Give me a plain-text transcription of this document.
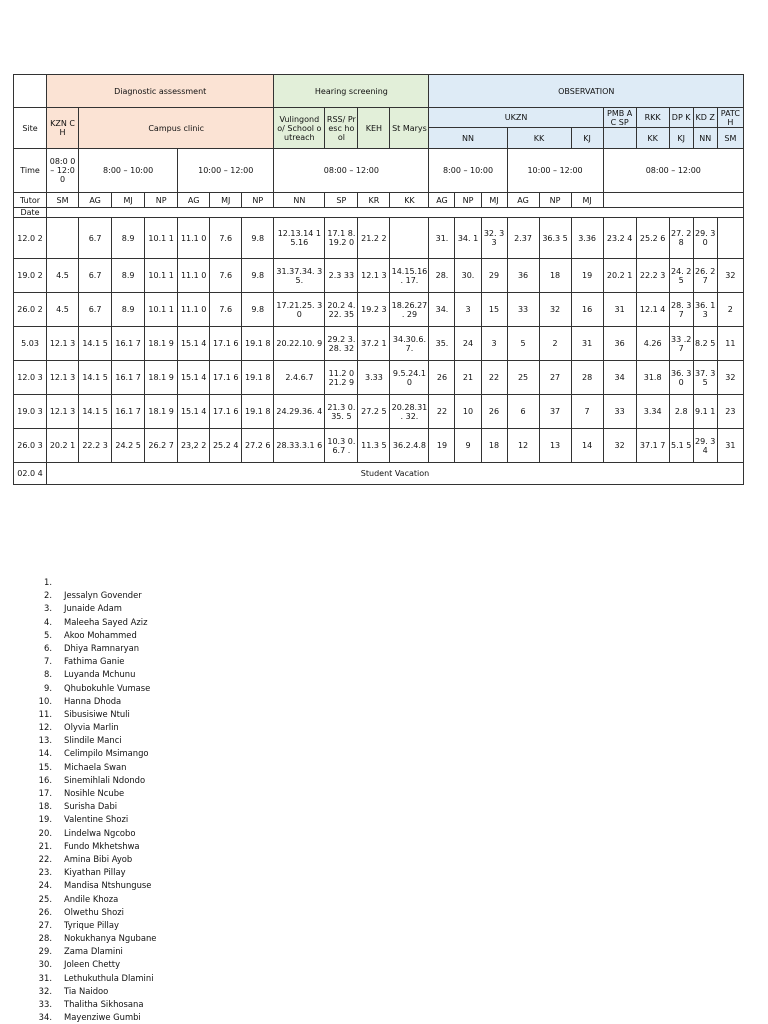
	Diagnostic assessment							Hearing screening				OBSERVATION										
Site	KZN CH	Campus clinic						Vulingond o/ School outreach	RSS/ Presc hool	KEH	St Marys	UKZN						PMB AC SP	RKK	DP K	KD Z	PATC H
												NN			KK		KJ		KK	KJ	NN	SM
Time	08:0 0 – 12:0 0	8:00 – 10:00			10:00 – 12:00			08:00 – 12:00				8:00 – 10:00			10:00 – 12:00			08:00 – 12:00				
Tutor	SM	AG	MJ	NP	AG	MJ	NP	NN	SP	KR	KK	AG	NP	MJ	AG	NP	MJ					
Date																						
12.0 2		6.7	8.9	10.1 1	11.1 0	7.6	9.8	12.13.14 15.16	17.1 8. 19.2 0	21.2 2		31.	34. 1	32. 33	2.37	36.3 5	3.36	23.2 4	25.2 6	27. 28	29. 30	
19.0 2	4.5	6.7	8.9	10.1 1	11.1 0	7.6	9.8	31.37.34. 35.	2.3 33	12.1 3	14.15.16 . 17.	28.	30.	29	36	18	19	20.2 1	22.2 3	24. 25	26. 27	32
26.0 2	4.5	6.7	8.9	10.1 1	11.1 0	7.6	9.8	17.21.25. 30	20.2 4.22. 35	19.2 3	18.26.27 . 29	34.	3	15	33	32	16	31	12.1 4	28. 37	36. 13	2
5.03	12.1 3	14.1 5	16.1 7	18.1 9	15.1 4	17.1 6	19.1 8	20.22.10. 9	29.2 3.28. 32	37.2 1	34.30.6. 7.	35.	24	3	5	2	31	36	4.26	33 .27	8.2 5	11
12.0 3	12.1 3	14.1 5	16.1 7	18.1 9	15.1 4	17.1 6	19.1 8	2.4.6.7	11.2 0 21.2 9	3.33	9.5.24.1 0	26	21	22	25	27	28	34	31.8	36. 30	37. 35	32
19.0 3	12.1 3	14.1 5	16.1 7	18.1 9	15.1 4	17.1 6	19.1 8	24.29.36. 4	21.3 0.35. 5	27.2 5	20.28.31 . 32.	22	10	26	6	37	7	33	3.34	2.8	9.1 1	23
26.0 3	20.2 1	22.2 3	24.2 5	26.2 7	23,2 2	25.2 4	27.2 6	28.33.3.1 6	10.3 0.6.7 .	11.3 5	36.2.4.8	19	9	18	12	13	14	32	37.1 7	5.1 5	29. 34	31
02.0 4	Student Vacation																					
1.
2. Jessalyn Govender
3. Junaide Adam
4. Maleeha Sayed Aziz
5. Akoo Mohammed
6. Dhiya Ramnaryan
7. Fathima Ganie
8. Luyanda Mchunu
9. Qhubokuhle Vumase
10. Hanna Dhoda
11. Sibusisiwe Ntuli
12. Olyvia Marlin
13. Slindile Manci
14. Celimpilo Msimango
15. Michaela Swan
16. Sinemihlali Ndondo
17. Nosihle Ncube
18. Surisha Dabi
19. Valentine Shozi
20. Lindelwa Ngcobo
21. Fundo Mkhetshwa
22. Amina Bibi Ayob
23. Kiyathan Pillay
24. Mandisa Ntshunguse
25. Andile Khoza
26. Olwethu Shozi
27. Tyrique Pillay
28. Nokukhanya Ngubane
29. Zama Dlamini
30. Joleen Chetty
31. Lethukuthula Dlamini
32. Tia Naidoo
33. Thalitha Sikhosana
34. Mayenziwe Gumbi
